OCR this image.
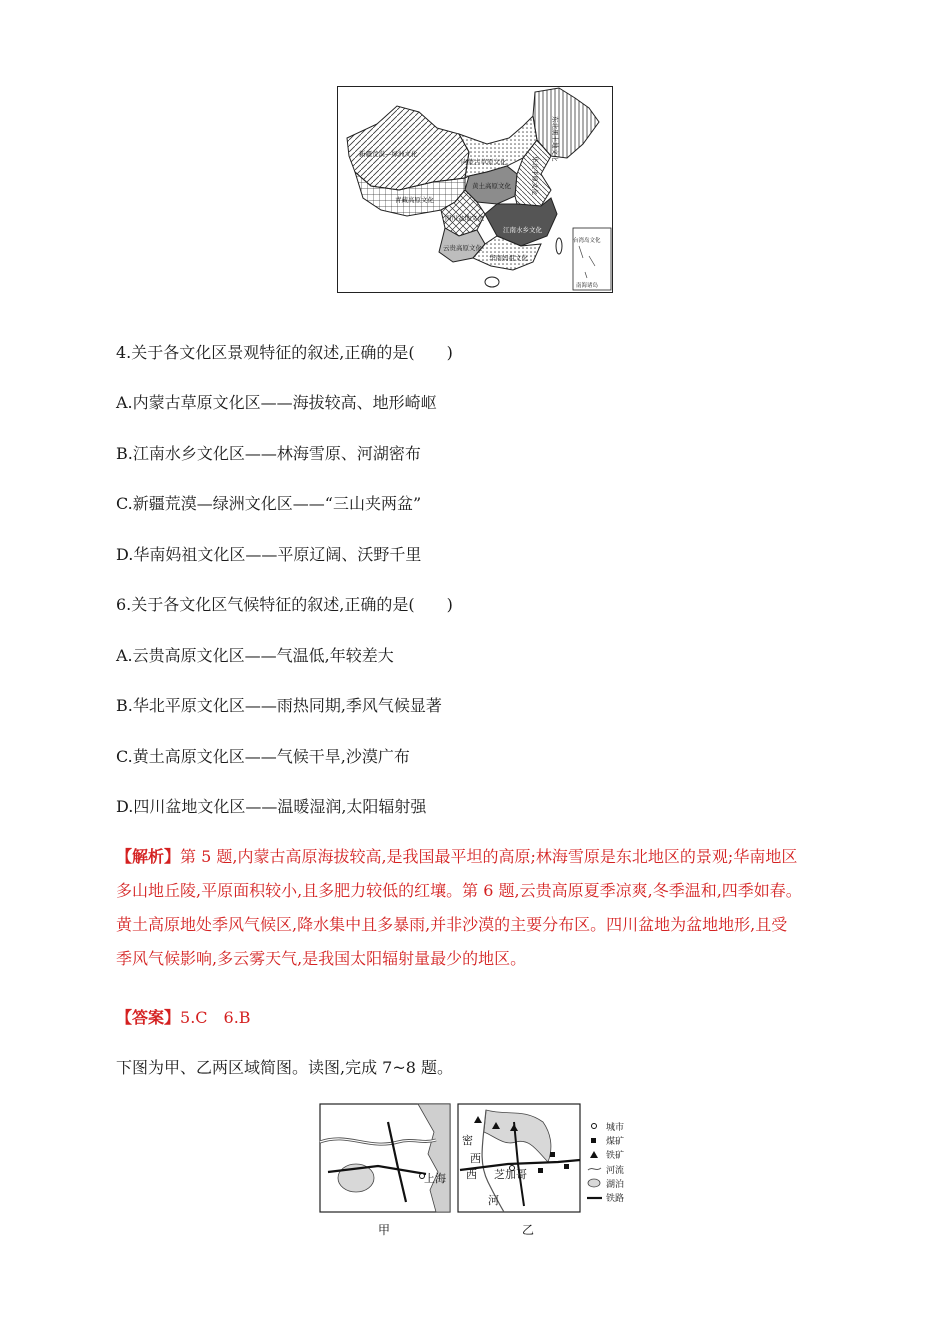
新疆荒漠—绿洲文化
内蒙古草原文化
东北黑土地文化
黄土高原文化	华北平原文化
青藏高原文化
四川盆地文化
江南水乡文化
云贵高原文化
华南妈祖文化
台湾岛文化
南海诸岛
4.关于各文化区景观特征的叙述,正确的是(　　)
A.内蒙古草原文化区——海拔较高、地形崎岖
B.江南水乡文化区——林海雪原、河湖密布
C.新疆荒漠—绿洲文化区——“三山夹两盆”
D.华南妈祖文化区——平原辽阔、沃野千里
6.关于各文化区气候特征的叙述,正确的是(　　)
A.云贵高原文化区——气温低,年较差大
B.华北平原文化区——雨热同期,季风气候显著
C.黄土高原文化区——气候干旱,沙漠广布
D.四川盆地文化区——温暖湿润,太阳辐射强
【解析】第 5 题,内蒙古高原海拔较高,是我国最平坦的高原;林海雪原是东北地区的景观;华南地区
多山地丘陵,平原面积较小,且多肥力较低的红壤。第 6 题,云贵高原夏季凉爽,冬季温和,四季如春。
黄土高原地处季风气候区,降水集中且多暴雨,并非沙漠的主要分布区。四川盆地为盆地地形,且受
季风气候影响,多云雾天气,是我国太阳辐射量最少的地区。
【答案】5.C　6.B
下图为甲、乙两区域简图。读图,完成 7~8 题。
上海
密
西
西
河
芝加哥
城市
煤矿
铁矿
河流
湖泊
铁路
甲	乙
